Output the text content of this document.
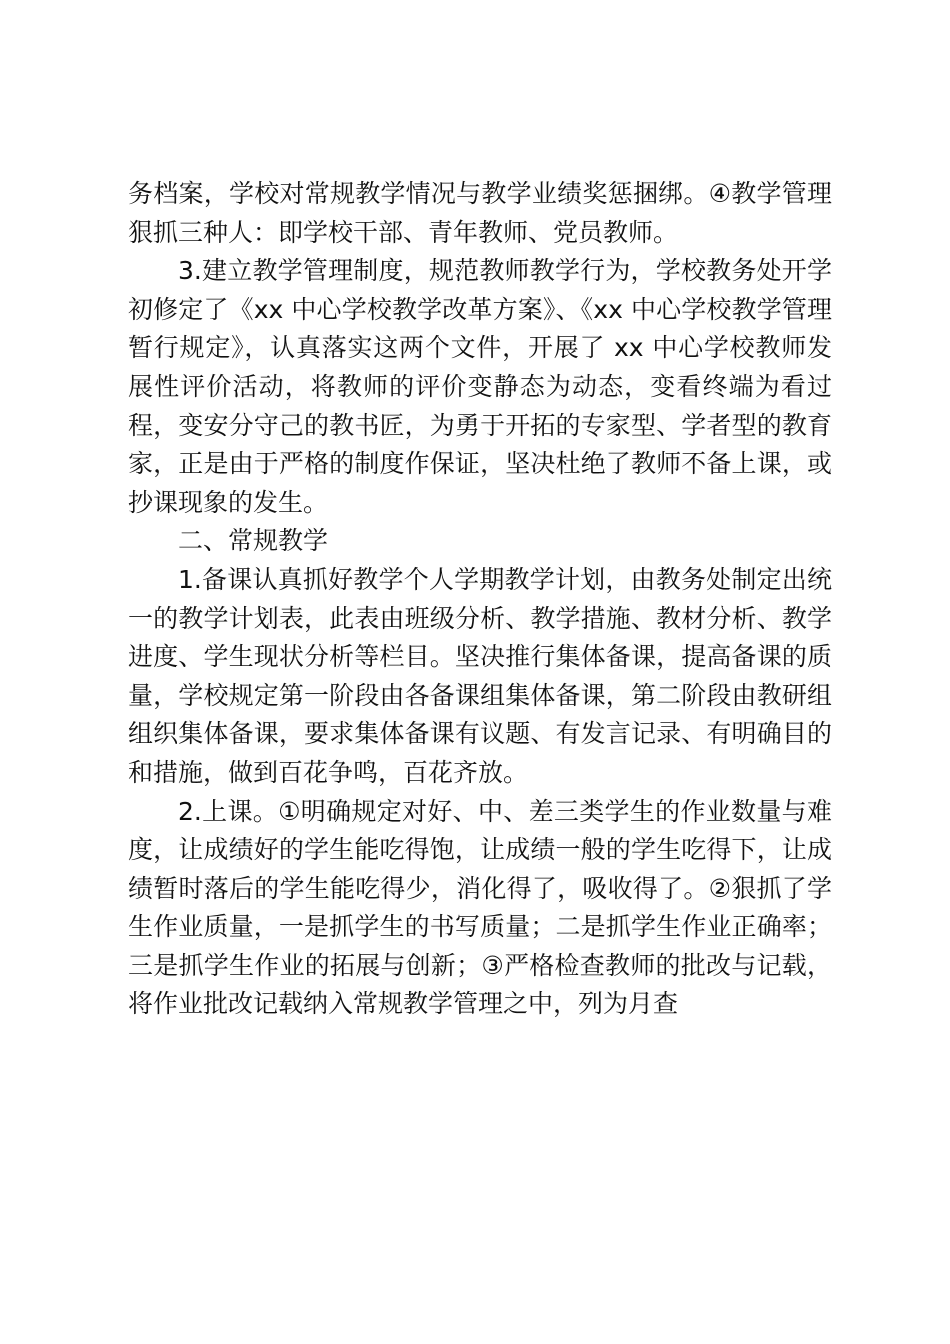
务档案，学校对常规教学情况与教学业绩奖惩捆绑。④教学管理狠抓三种人：即学校干部、青年教师、党员教师。

3.建立教学管理制度，规范教师教学行为，学校教务处开学初修定了《xx 中心学校教学改革方案》、《xx 中心学校教学管理暂行规定》，认真落实这两个文件，开展了 xx 中心学校教师发展性评价活动，将教师的评价变静态为动态，变看终端为看过程，变安分守己的教书匠，为勇于开拓的专家型、学者型的教育家，正是由于严格的制度作保证，坚决杜绝了教师不备上课，或抄课现象的发生。

二、常规教学

1.备课认真抓好教学个人学期教学计划，由教务处制定出统一的教学计划表，此表由班级分析、教学措施、教材分析、教学进度、学生现状分析等栏目。坚决推行集体备课，提高备课的质量，学校规定第一阶段由各备课组集体备课，第二阶段由教研组组织集体备课，要求集体备课有议题、有发言记录、有明确目的和措施，做到百花争鸣，百花齐放。

2.上课。①明确规定对好、中、差三类学生的作业数量与难度，让成绩好的学生能吃得饱，让成绩一般的学生吃得下，让成绩暂时落后的学生能吃得少，消化得了，吸收得了。②狠抓了学生作业质量，一是抓学生的书写质量；二是抓学生作业正确率；三是抓学生作业的拓展与创新；③严格检查教师的批改与记载，将作业批改记载纳入常规教学管理之中，列为月查
